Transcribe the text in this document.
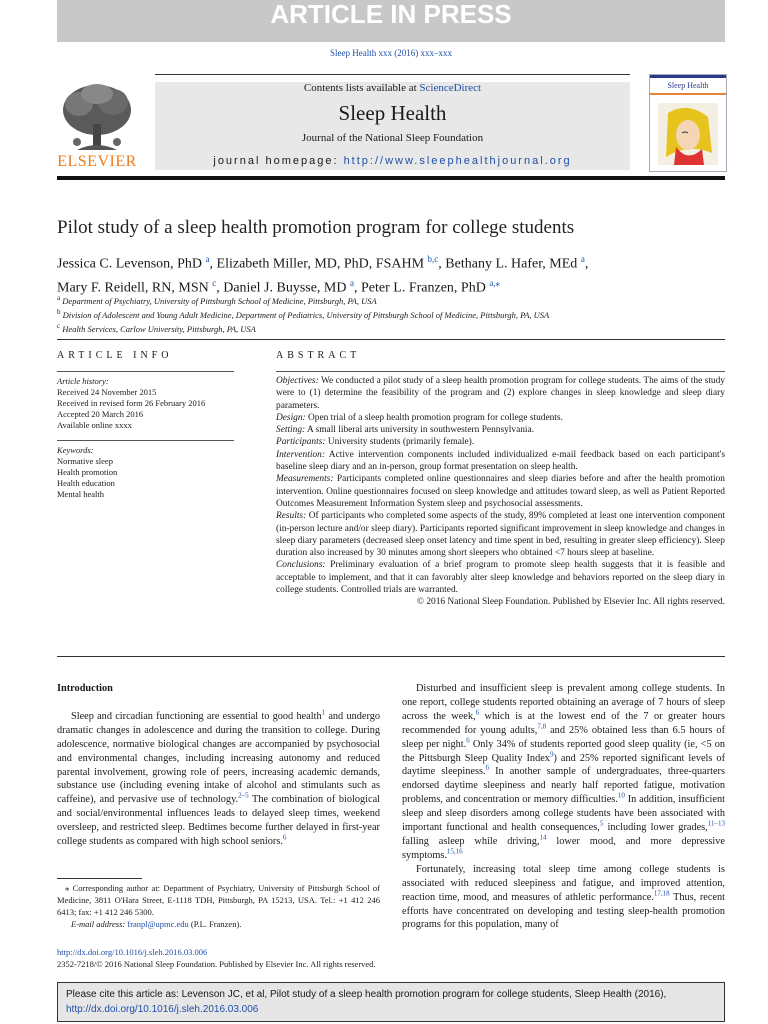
ARTICLE IN PRESS
Sleep Health xxx (2016) xxx–xxx
Contents lists available at ScienceDirect
Sleep Health
Journal of the National Sleep Foundation
journal homepage: http://www.sleephealthjournal.org
ELSEVIER
Sleep Health
Pilot study of a sleep health promotion program for college students
Jessica C. Levenson, PhD $^a$, Elizabeth Miller, MD, PhD, FSAHM $^{b,c}$, Bethany L. Hafer, MEd $^a$,
Mary F. Reidell, RN, MSN $^c$, Daniel J. Buysse, MD $^a$, Peter L. Franzen, PhD $^{a,⁎}$
$^a$ Department of Psychiatry, University of Pittsburgh School of Medicine, Pittsburgh, PA, USA
$^b$ Division of Adolescent and Young Adult Medicine, Department of Pediatrics, University of Pittsburgh School of Medicine, Pittsburgh, PA, USA
$^c$ Health Services, Carlow University, Pittsburgh, PA, USA
ARTICLE INFO
Article history:
Received 24 November 2015
Received in revised form 26 February 2016
Accepted 20 March 2016
Available online xxxx
Keywords:
Normative sleep
Health promotion
Health education
Mental health
ABSTRACT

Objectives: We conducted a pilot study of a sleep health promotion program for college students. The aims of the study were to (1) determine the feasibility of the program and (2) explore changes in sleep knowledge and sleep diary parameters.

Design: Open trial of a sleep health promotion program for college students.

Setting: A small liberal arts university in southwestern Pennsylvania.

Participants: University students (primarily female).

Intervention: Active intervention components included individualized e-mail feedback based on each participant's baseline sleep diary and an in-person, group format presentation on sleep health.

Measurements: Participants completed online questionnaires and sleep diaries before and after the health promotion intervention. Online questionnaires focused on sleep knowledge and attitudes toward sleep, as well as Patient Reported Outcomes Measurement Information System sleep and psychosocial assessments.

Results: Of participants who completed some aspects of the study, 89% completed at least one intervention component (in-person lecture and/or sleep diary). Participants reported significant improvement in sleep knowledge and changes in sleep diary parameters (decreased sleep onset latency and time spent in bed, resulting in greater sleep efficiency). Sleep duration also increased by 30 minutes among short sleepers who obtained <7 hours sleep at baseline.

Conclusions: Preliminary evaluation of a brief program to promote sleep health suggests that it is feasible and acceptable to implement, and that it can favorably alter sleep knowledge and behaviors reported on the sleep diary in college students. Controlled trials are warranted.

© 2016 National Sleep Foundation. Published by Elsevier Inc. All rights reserved.

Introduction

Sleep and circadian functioning are essential to good health$^1$ and undergo dramatic changes in adolescence and during the transition to college. During adolescence, normative biological changes are accompanied by psychosocial and environmental changes, including increasing autonomy and reduced parental involvement, growing role of peers, increasing academic demands, substance use (including evening intake of alcohol and stimulants such as caffeine), and pervasive use of technology.$^{2-5}$ The combination of biological and social/environmental influences leads to delayed sleep times, weekend oversleep, and restricted sleep. Bedtimes become further delayed in first-year college students as compared with high school seniors.$^6$

Disturbed and insufficient sleep is prevalent among college students. In one report, college students reported obtaining an average of 7 hours of sleep across the week,$^6$ which is at the lowest end of the 7 or greater hours recommended for young adults,$^{7,8}$ and 25% obtained less than 6.5 hours of sleep per night.$^6$ Only 34% of students reported good sleep quality (ie, <5 on the Pittsburgh Sleep Quality Index$^9$) and 25% reported significant levels of daytime sleepiness.$^6$ In another sample of undergraduates, three-quarters endorsed daytime sleepiness and nearly half reported fatigue, motivation problems, and concentration or memory difficulties.$^{10}$ In addition, insufficient sleep and sleep disorders among college students have been associated with important functional and health consequences,$^5$ including lower grades,$^{11-13}$ falling asleep while driving,$^{14}$ lower mood, and more depressive symptoms.$^{15,16}$

Fortunately, increasing total sleep time among college students is associated with reduced sleepiness and fatigue, and improved attention, reaction time, mood, and measures of athletic performance.$^{17,18}$ Thus, recent efforts have concentrated on developing and testing sleep-health promotion programs for this population, many of

⁎ Corresponding author at: Department of Psychiatry, University of Pittsburgh School of Medicine, 3811 O'Hara Street, E-1118 TDH, Pittsburgh, PA 15213, USA. Tel.: +1 412 246 6413; fax: +1 412 246 5300.
E-mail address: franpl@upmc.edu (P.L. Franzen).
http://dx.doi.org/10.1016/j.sleh.2016.03.006
2352-7218/© 2016 National Sleep Foundation. Published by Elsevier Inc. All rights reserved.
Please cite this article as: Levenson JC, et al, Pilot study of a sleep health promotion program for college students, Sleep Health (2016), http://dx.doi.org/10.1016/j.sleh.2016.03.006
